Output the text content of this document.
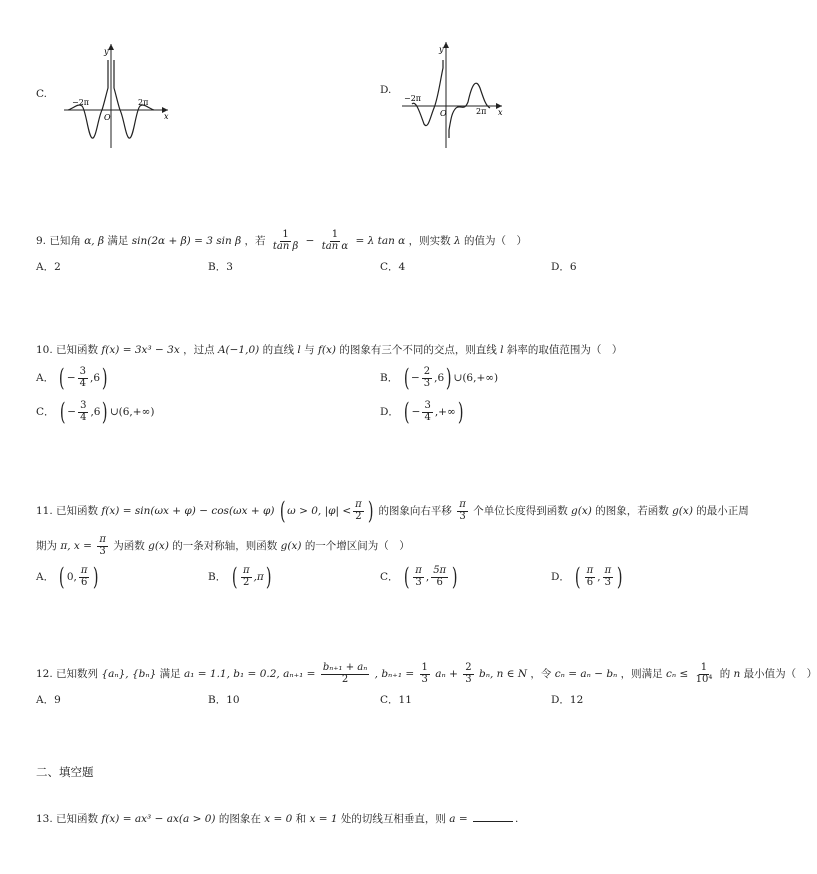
C.
y
x
O
−2π	2π
D.
y
x
O
−2π
2π
9. 已知角 α, β 满足 sin(2α + β) = 3 sin β ，若 $\frac{1}{\text{tan β}} - \frac{1}{\text{tan α}} = \lambda$ tan α ，则实数 λ 的值为（　）
A．2	B．3	C．4	D．6
10. 已知函数 f(x) = 3x³ − 3x ，过点 A(−1,0) 的直线 l 与 f(x) 的图象有三个不同的交点，则直线 l 斜率的取值范围为（　）
A． ( − $\frac{3}{4} ,6$ )	B． ( − $\frac{2}{3} ,6$ ) ∪(6,+∞)
C． ( − $\frac{3}{4} ,6$ ) ∪(6,+∞)	D． ( − $\frac{3}{4}$ ,+∞ )
11. 已知函数 f(x) = sin(ωx + φ) − cos(ωx + φ) ( ω > 0, $|\varphi| < \frac{\pi}{2}$ ) 的图象向右平移 $\frac{\pi}{3}$ 个单位长度得到函数 g(x) 的图象，若函数 g(x) 的最小正周
期为 π, $x = \frac{\pi}{3}$ 为函数 g(x) 的一条对称轴，则函数 g(x) 的一个增区间为（　）
A． ( 0, $\frac{\pi}{6}$ )	B． ( $\frac{\pi}{2} ,\pi$ )	C． ( $\frac{\pi}{3}$ , $\frac{5\pi}{6}$ )	D． ( $\frac{\pi}{6}$ , $\frac{\pi}{3}$ )
12. 已知数列 {aₙ}, {bₙ} 满足 a₁ = 1.1, b₁ = 0.2, $a_{n+1} = \frac{\text{bₙ₊₁ + aₙ}}{2}$ , $b_{n+1} = \frac{1}{3}$ $a_n + \frac{2}{3} b_n$, n ∈ N ，令 cₙ = aₙ − bₙ ，则满足 $c_n \le \frac{1}{\text{10⁴}}$ 的 n 最小值为（　）
A．9	B．10	C．11	D．12
二、填空题
13. 已知函数 f(x) = ax³ − ax(a > 0) 的图象在 x = 0 和 x = 1 处的切线互相垂直，则 a =	.
